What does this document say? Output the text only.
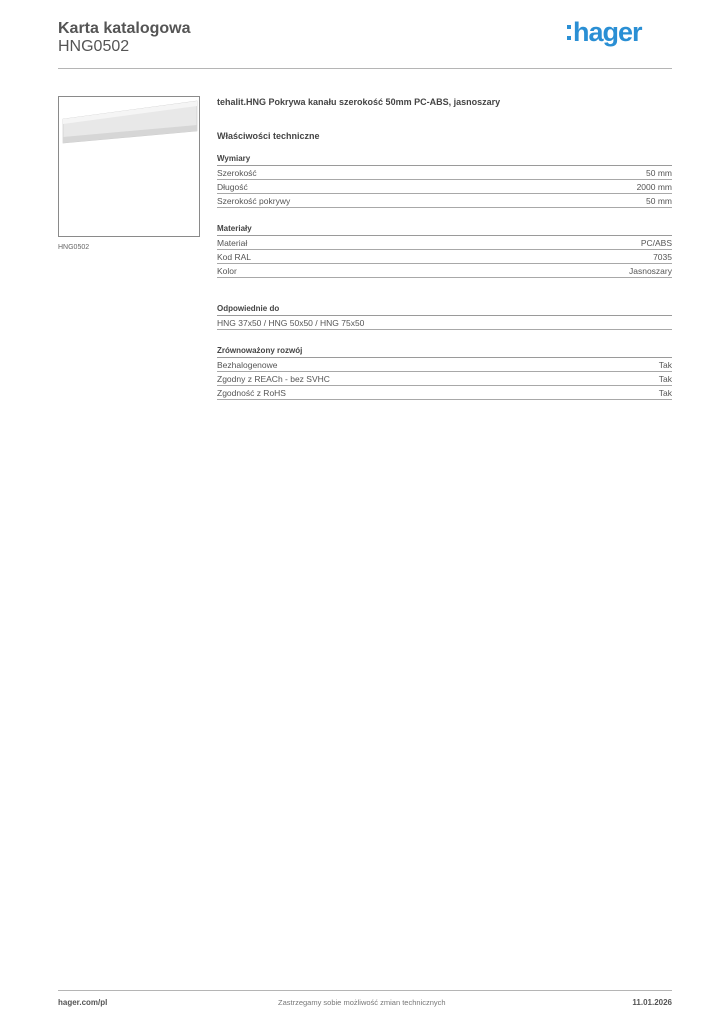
Karta katalogowa
HNG0502	hager
HNG0502
tehalit.HNG Pokrywa kanału szerokość 50mm PC-ABS, jasnoszary
Właściwości techniczne
Wymiary
Szerokość	50 mm
Długość	2000 mm
Szerokość pokrywy	50 mm
Materiały
Materiał	PC/ABS
Kod RAL	7035
Kolor	Jasnoszary
Odpowiednie do
HNG 37x50 / HNG 50x50 / HNG 75x50
Zrównoważony rozwój
Bezhalogenowe	Tak
Zgodny z REACh - bez SVHC	Tak
Zgodność z RoHS	Tak
hager.com/pl	Zastrzegamy sobie możliwość zmian technicznych	11.01.2026
